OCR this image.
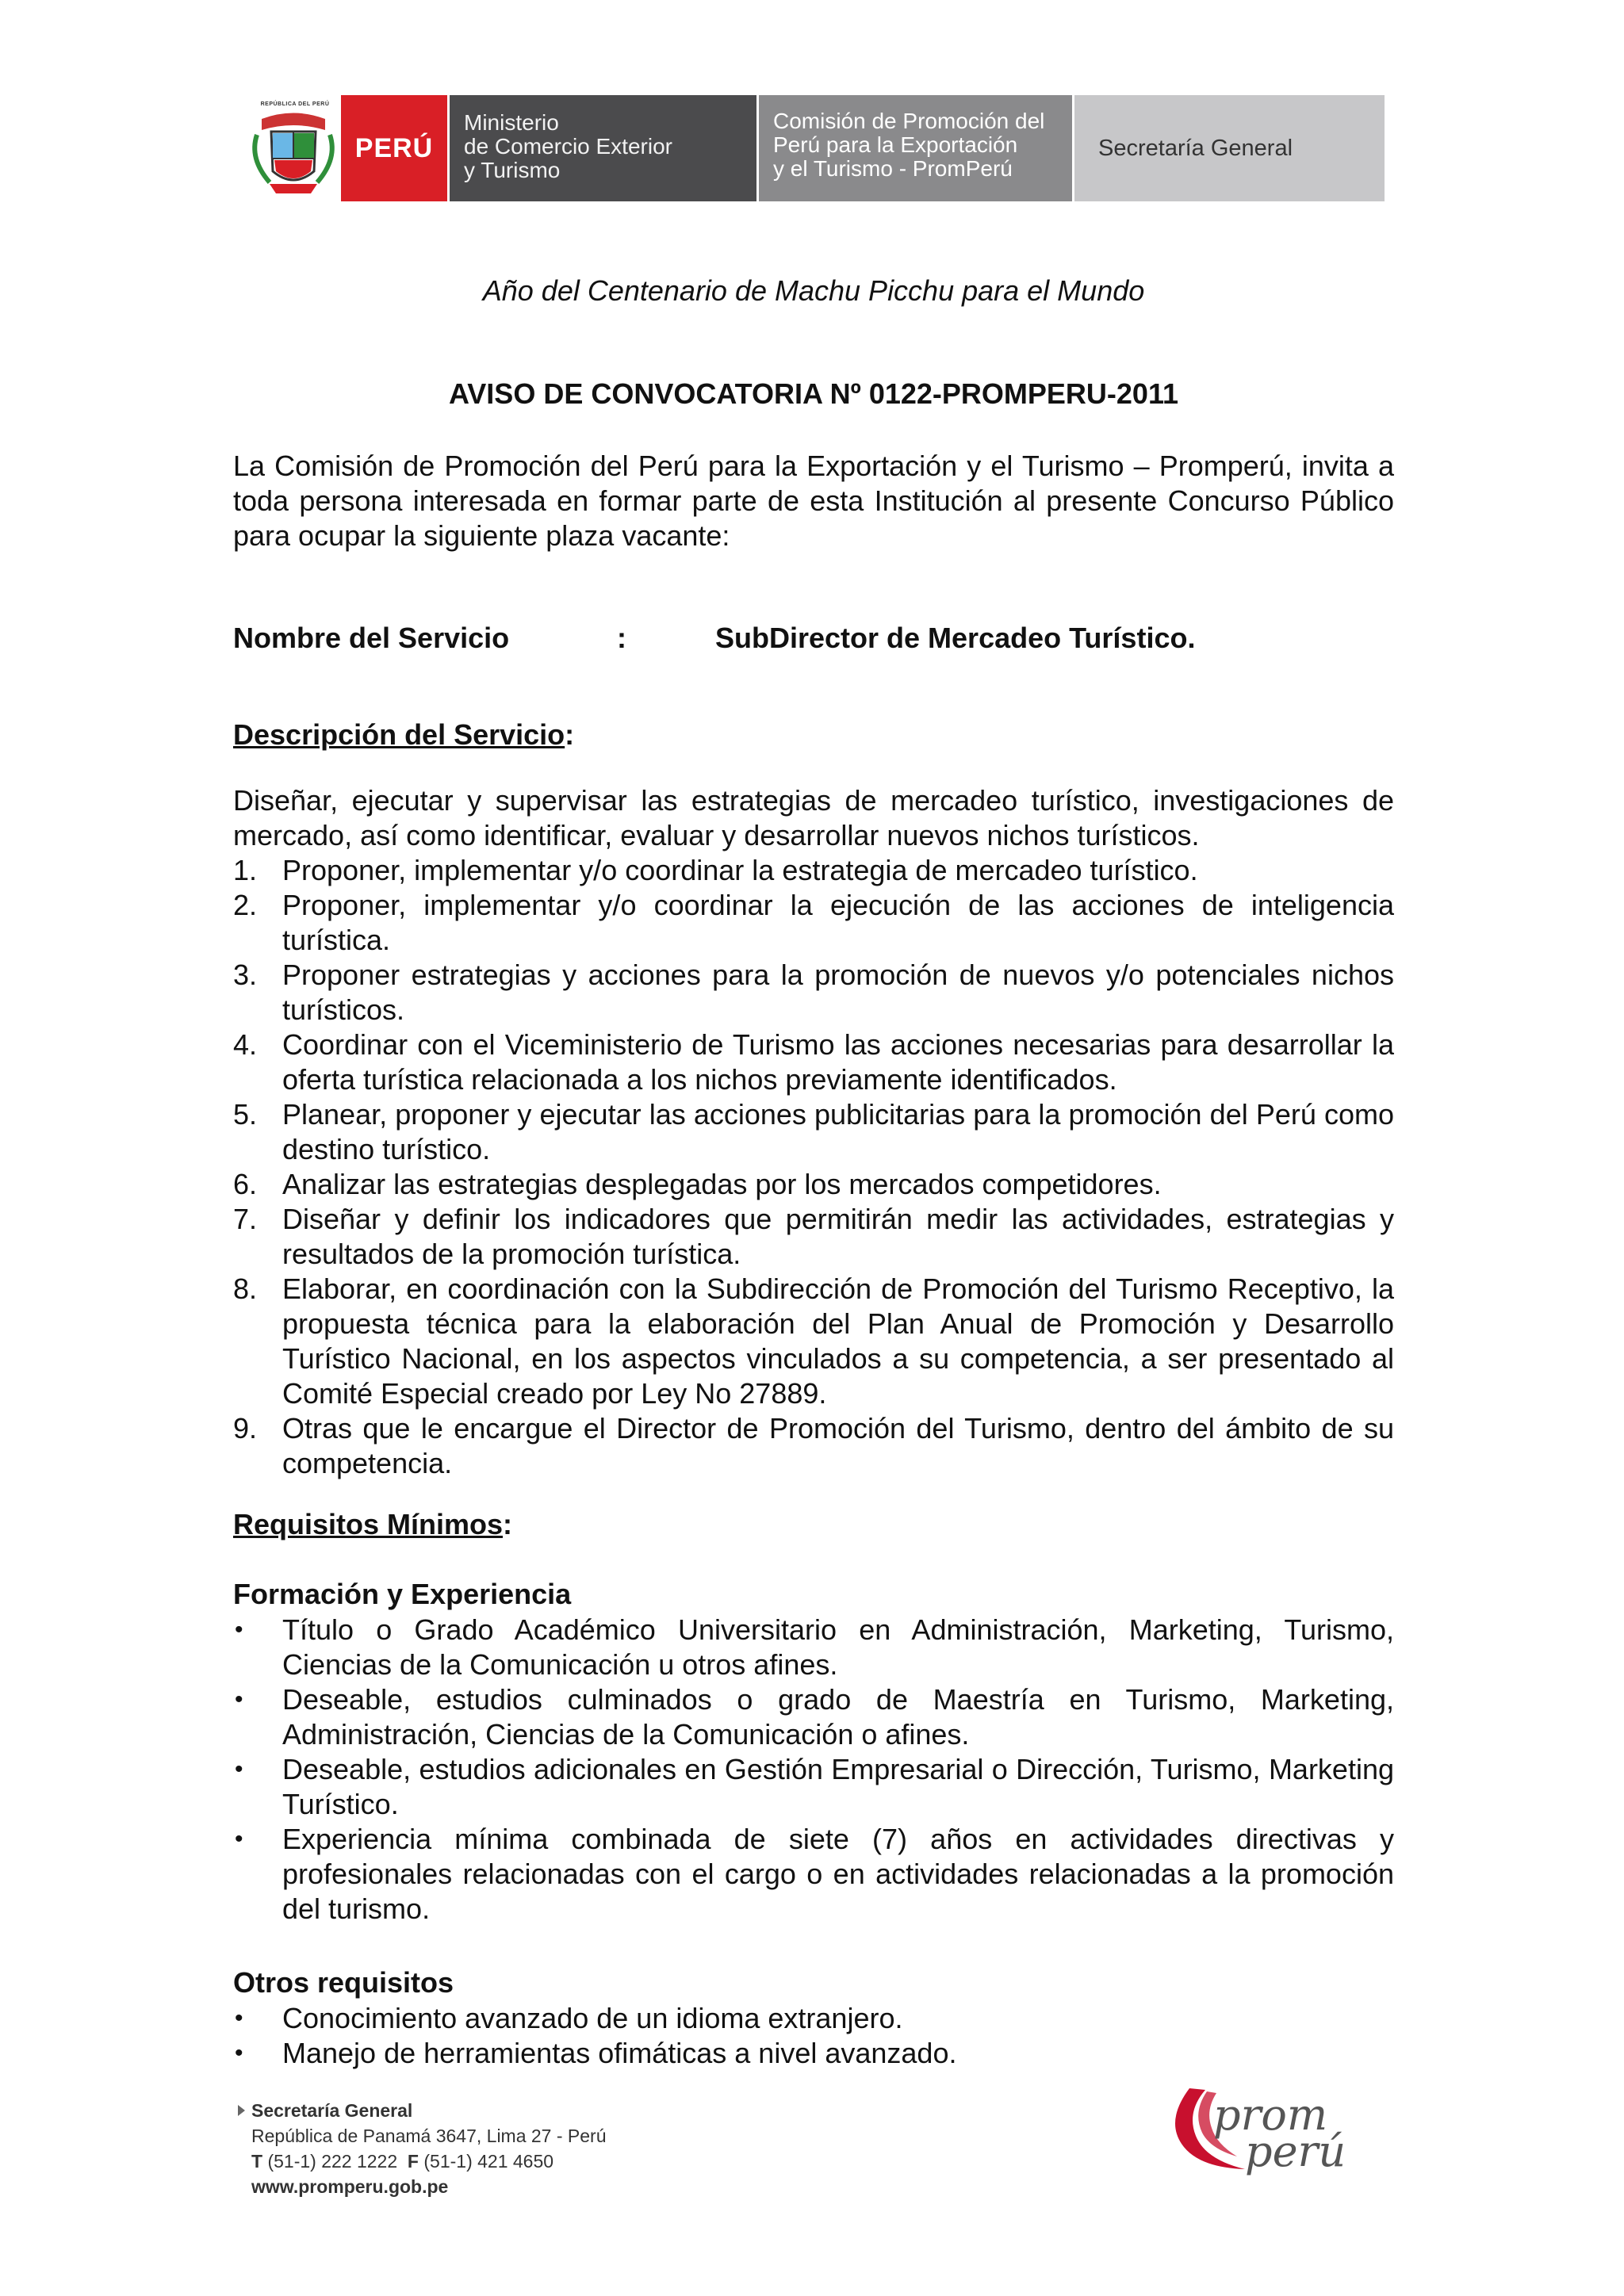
REPÚBLICA DEL PERÚ
PERÚ
Ministerio
de Comercio Exterior
y Turismo
Comisión de Promoción del
Perú para la Exportación
y el Turismo - PromPerú
Secretaría General
Año del Centenario de Machu Picchu para el Mundo
AVISO DE CONVOCATORIA Nº 0122-PROMPERU-2011
La Comisión de Promoción del Perú para la Exportación y el Turismo – Promperú, invita a toda persona interesada en formar parte de esta Institución al presente Concurso Público para ocupar la siguiente plaza vacante:
Nombre del Servicio	:	SubDirector de Mercadeo Turístico.
Descripción del Servicio:
Diseñar, ejecutar y supervisar las estrategias de mercadeo turístico, investigaciones de mercado, así como identificar, evaluar y desarrollar nuevos nichos turísticos.
1. Proponer, implementar y/o coordinar la estrategia de mercadeo turístico.
2. Proponer, implementar y/o coordinar la ejecución de las acciones de inteligencia turística.
3. Proponer estrategias y acciones para la promoción de nuevos y/o potenciales nichos turísticos.
4. Coordinar con el Viceministerio de Turismo las acciones necesarias para desarrollar la oferta turística relacionada a los nichos previamente identificados.
5. Planear, proponer y ejecutar las acciones publicitarias para la promoción del Perú como destino turístico.
6. Analizar las estrategias desplegadas por los mercados competidores.
7. Diseñar y definir los indicadores que permitirán medir las actividades, estrategias y resultados de la promoción turística.
8. Elaborar, en coordinación con la Subdirección de Promoción del Turismo Receptivo, la propuesta técnica para la elaboración del Plan Anual de Promoción y Desarrollo Turístico Nacional, en los aspectos vinculados a su competencia, a ser presentado al Comité Especial creado por Ley No 27889.
9. Otras que le encargue el Director de Promoción del Turismo, dentro del ámbito de su competencia.
Requisitos Mínimos:
Formación y Experiencia
•	Título o Grado Académico Universitario en Administración, Marketing, Turismo, Ciencias de la Comunicación u otros afines.
•	Deseable, estudios culminados o grado de Maestría en Turismo, Marketing, Administración, Ciencias de la Comunicación o afines.
•	Deseable, estudios adicionales en Gestión Empresarial o Dirección, Turismo, Marketing Turístico.
•	Experiencia mínima combinada de siete (7) años en actividades directivas y profesionales relacionadas con el cargo o en actividades relacionadas a la promoción del turismo.
Otros requisitos
•	Conocimiento avanzado de un idioma extranjero.
•	Manejo de herramientas ofimáticas a nivel avanzado.
Secretaría General
República de Panamá 3647, Lima 27 - Perú
T (51-1) 222 1222 F (51-1) 421 4650
www.promperu.gob.pe
prom
perú
